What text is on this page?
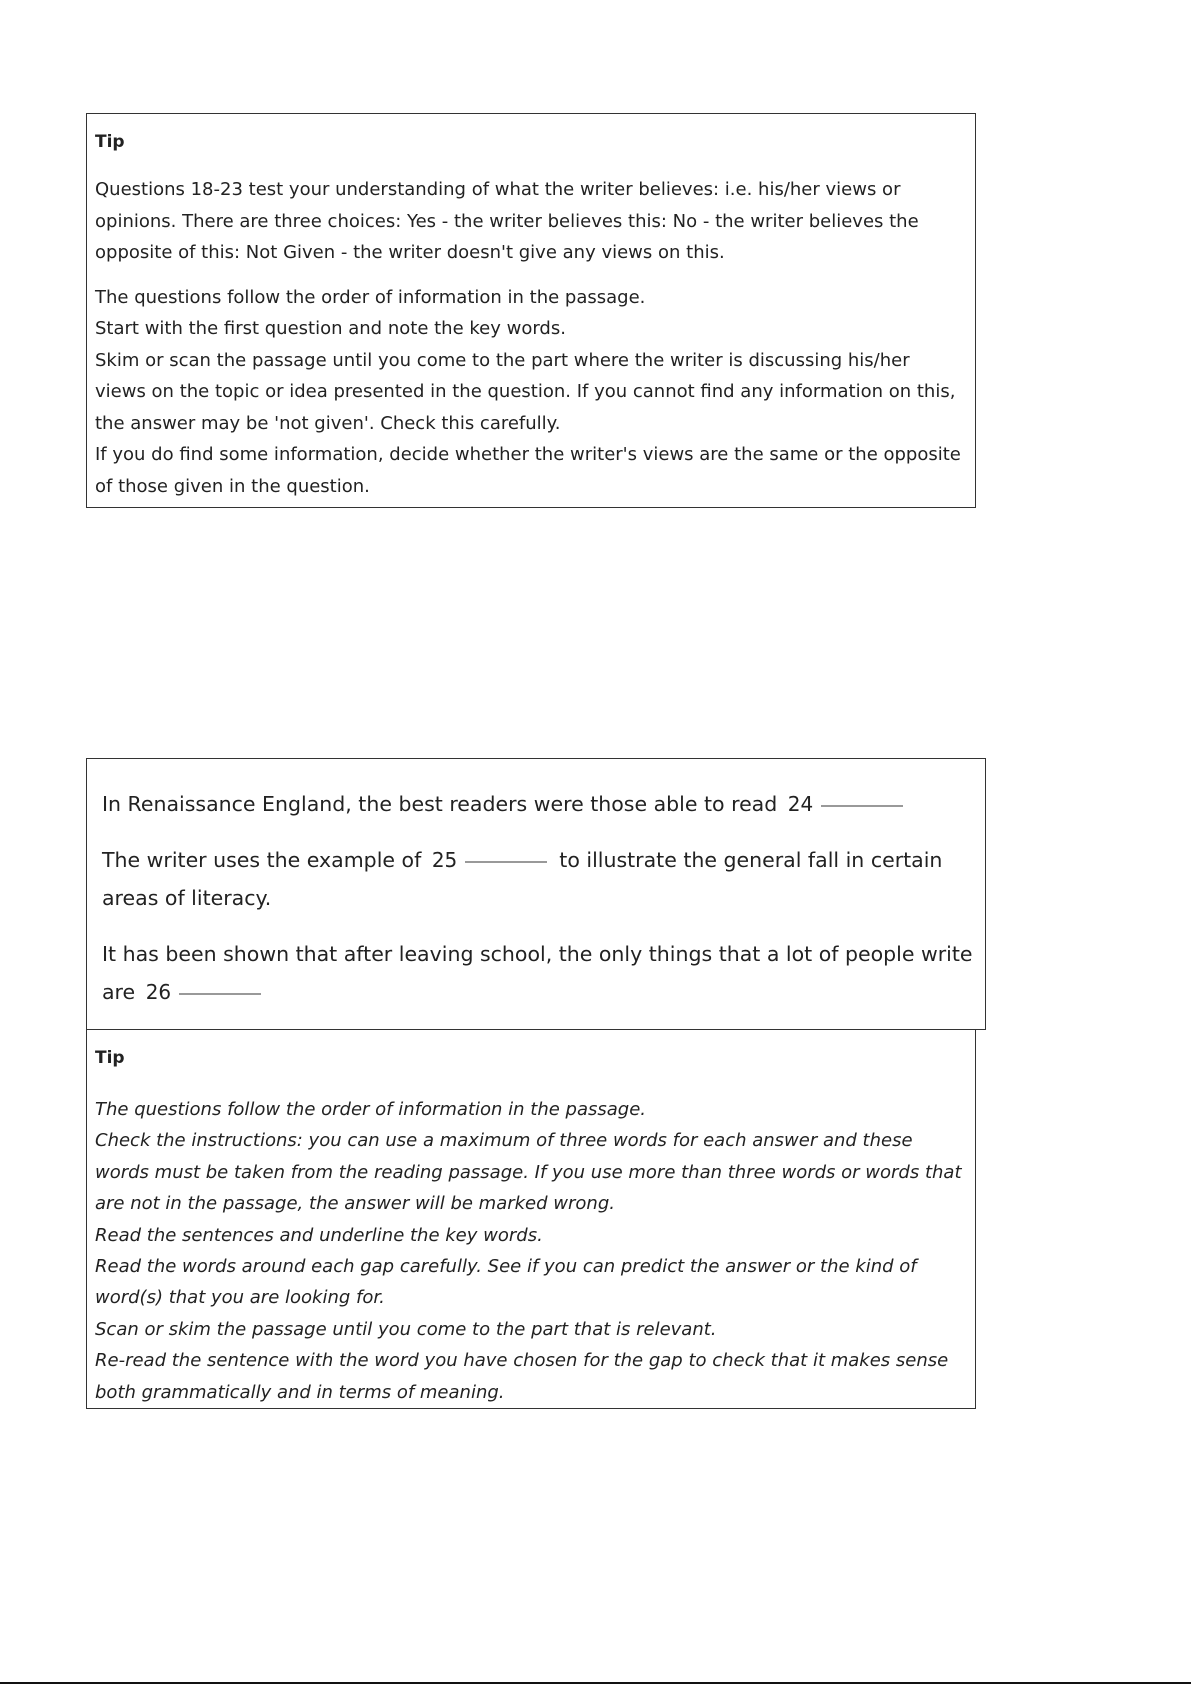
Tip
Questions 18-23 test your understanding of what the writer believes: i.e. his/her views or opinions. There are three choices: Yes - the writer believes this: No - the writer believes the opposite of this: Not Given - the writer doesn't give any views on this.
The questions follow the order of information in the passage.
Start with the first question and note the key words.
Skim or scan the passage until you come to the part where the writer is discussing his/her views on the topic or idea presented in the question. If you cannot find any information on this, the answer may be 'not given'. Check this carefully.
If you do find some information, decide whether the writer's views are the same or the opposite of those given in the question.
In Renaissance England, the best readers were those able to read 24
The writer uses the example of 25	to illustrate the general fall in certain areas of literacy.
It has been shown that after leaving school, the only things that a lot of people write are 26
Tip
The questions follow the order of information in the passage.
Check the instructions: you can use a maximum of three words for each answer and these words must be taken from the reading passage. If you use more than three words or words that are not in the passage, the answer will be marked wrong.
Read the sentences and underline the key words.
Read the words around each gap carefully. See if you can predict the answer or the kind of word(s) that you are looking for.
Scan or skim the passage until you come to the part that is relevant.
Re-read the sentence with the word you have chosen for the gap to check that it makes sense both grammatically and in terms of meaning.
